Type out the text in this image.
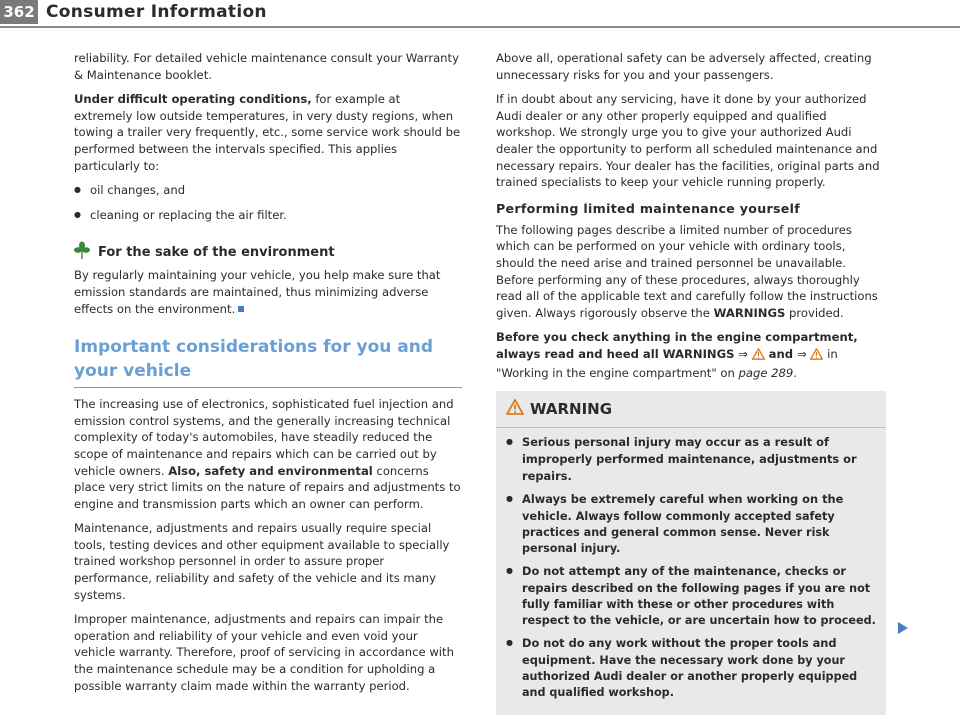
362 Consumer Information

reliability. For detailed vehicle maintenance consult your Warranty & Maintenance booklet.

Under difficult operating conditions, for example at extremely low outside temperatures, in very dusty regions, when towing a trailer very frequently, etc., some service work should be performed between the intervals specified. This applies particularly to:

● oil changes, and
● cleaning or replacing the air filter.
For the sake of the environment

By regularly maintaining your vehicle, you help make sure that emission standards are maintained, thus minimizing adverse effects on the environment.

Important considerations for you and your vehicle

The increasing use of electronics, sophisticated fuel injection and emission control systems, and the generally increasing technical complexity of today's automobiles, have steadily reduced the scope of maintenance and repairs which can be carried out by vehicle owners. Also, safety and environmental concerns place very strict limits on the nature of repairs and adjustments to engine and transmission parts which an owner can perform.

Maintenance, adjustments and repairs usually require special tools, testing devices and other equipment available to specially trained workshop personnel in order to assure proper performance, reliability and safety of the vehicle and its many systems.

Improper maintenance, adjustments and repairs can impair the operation and reliability of your vehicle and even void your vehicle warranty. Therefore, proof of servicing in accordance with the maintenance schedule may be a condition for upholding a possible warranty claim made within the warranty period.

Above all, operational safety can be adversely affected, creating unnecessary risks for you and your passengers.

If in doubt about any servicing, have it done by your authorized Audi dealer or any other properly equipped and qualified workshop. We strongly urge you to give your authorized Audi dealer the opportunity to perform all scheduled maintenance and necessary repairs. Your dealer has the facilities, original parts and trained specialists to keep your vehicle running properly.

Performing limited maintenance yourself

The following pages describe a limited number of procedures which can be performed on your vehicle with ordinary tools, should the need arise and trained personnel be unavailable. Before performing any of these procedures, always thoroughly read all of the applicable text and carefully follow the instructions given. Always rigorously observe the WARNINGS provided.

Before you check anything in the engine compartment, always read and heed all WARNINGS ⇒  and ⇒  in "Working in the engine compartment" on page 289.

WARNING
● Serious personal injury may occur as a result of improperly performed maintenance, adjustments or repairs.
● Always be extremely careful when working on the vehicle. Always follow commonly accepted safety practices and general common sense. Never risk personal injury.
● Do not attempt any of the maintenance, checks or repairs described on the following pages if you are not fully familiar with these or other procedures with respect to the vehicle, or are uncertain how to proceed.
● Do not do any work without the proper tools and equipment. Have the necessary work done by your authorized Audi dealer or another properly equipped and qualified workshop.
